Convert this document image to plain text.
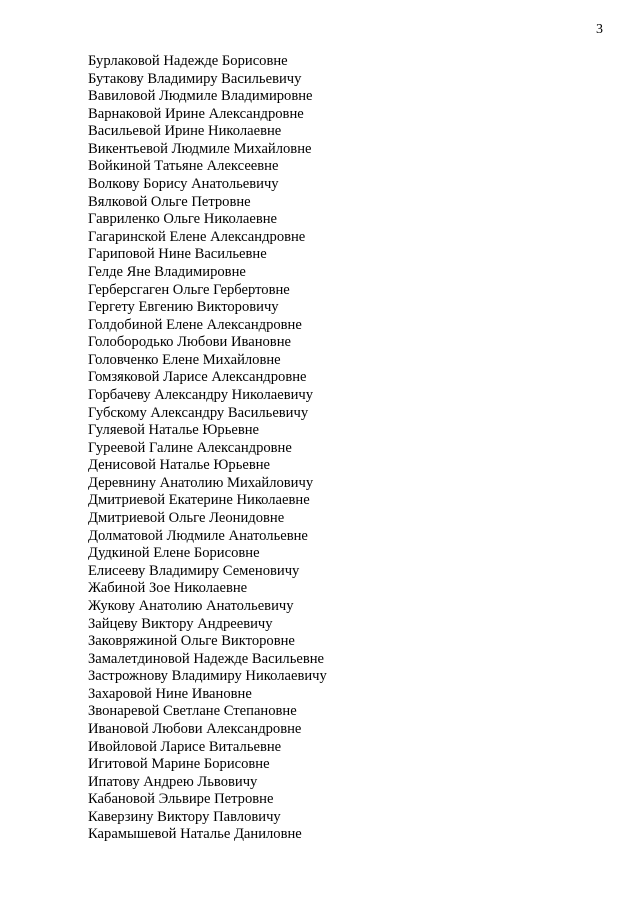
3
Бурлаковой Надежде Борисовне
Бутакову Владимиру Васильевичу
Вавиловой Людмиле Владимировне
Варнаковой Ирине Александровне
Васильевой Ирине Николаевне
Викентьевой Людмиле Михайловне
Войкиной Татьяне Алексеевне
Волкову Борису Анатольевичу
Вялковой Ольге Петровне
Гавриленко Ольге Николаевне
Гагаринской Елене Александровне
Гариповой Нине Васильевне
Гелде Яне Владимировне
Герберсгаген Ольге Гербертовне
Гергету Евгению Викторовичу
Голдобиной Елене Александровне
Голобородько Любови Ивановне
Головченко Елене Михайловне
Гомзяковой Ларисе Александровне
Горбачеву Александру Николаевичу
Губскому Александру Васильевичу
Гуляевой Наталье Юрьевне
Гуреевой Галине Александровне
Денисовой Наталье Юрьевне
Деревнину Анатолию Михайловичу
Дмитриевой Екатерине Николаевне
Дмитриевой Ольге Леонидовне
Долматовой Людмиле Анатольевне
Дудкиной Елене Борисовне
Елисееву Владимиру Семеновичу
Жабиной Зое Николаевне
Жукову Анатолию Анатольевичу
Зайцеву Виктору Андреевичу
Заковряжиной Ольге Викторовне
Замалетдиновой Надежде Васильевне
Застрожнову Владимиру Николаевичу
Захаровой Нине Ивановне
Звонаревой Светлане Степановне
Ивановой Любови Александровне
Ивойловой Ларисе Витальевне
Игитовой Марине Борисовне
Ипатову Андрею Львовичу
Кабановой Эльвире Петровне
Каверзину Виктору Павловичу
Карамышевой Наталье Даниловне
